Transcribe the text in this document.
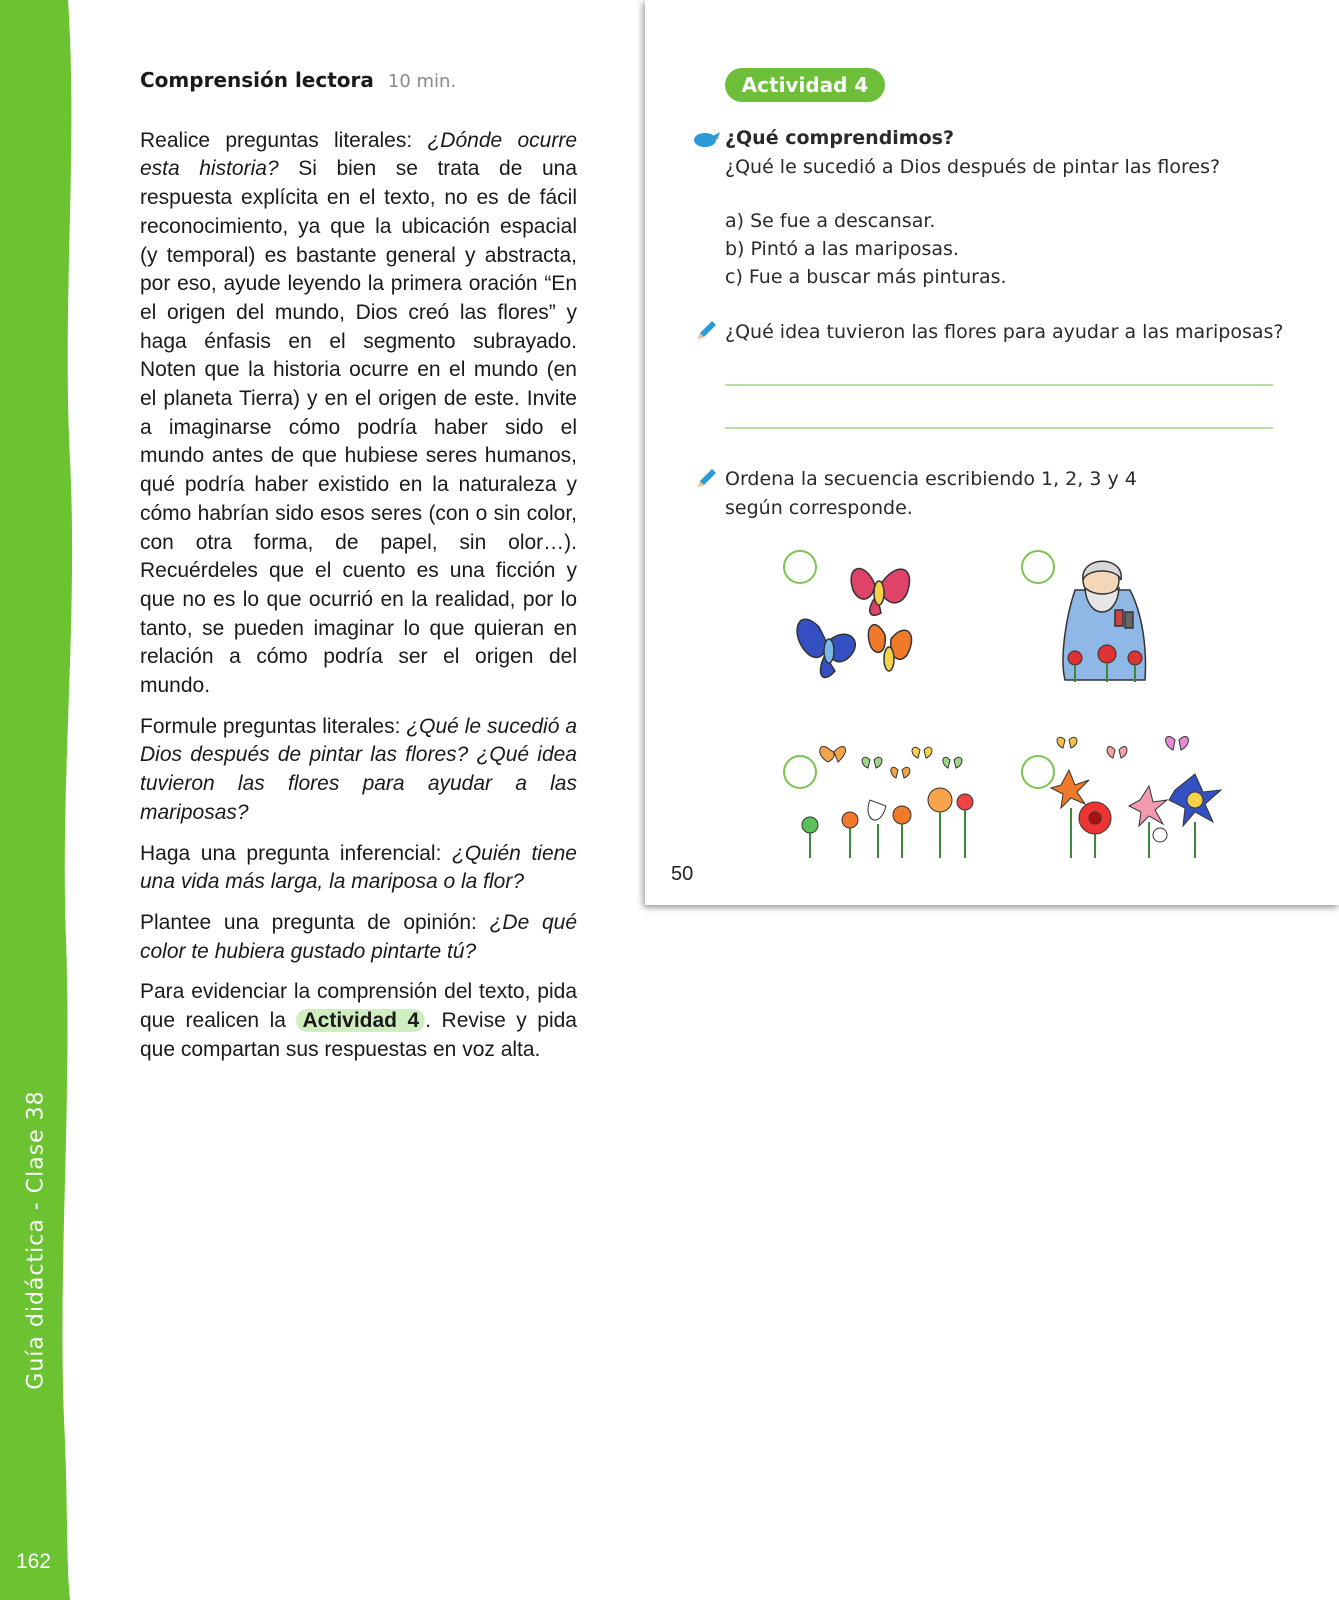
Guía didáctica - Clase 38
162
Comprensión lectora 10 min.

Realice preguntas literales: ¿Dónde ocurre esta historia? Si bien se trata de una respuesta explícita en el texto, no es de fácil reconocimiento, ya que la ubicación espacial (y temporal) es bastante general y abstracta, por eso, ayude leyendo la primera oración “En el origen del mundo, Dios creó las flores” y haga énfasis en el segmento subrayado. Noten que la historia ocurre en el mundo (en el planeta Tierra) y en el origen de este. Invite a imaginarse cómo podría haber sido el mundo antes de que hubiese seres humanos, qué podría haber existido en la naturaleza y cómo habrían sido esos seres (con o sin color, con otra forma, de papel, sin olor…). Recuérdeles que el cuento es una ficción y que no es lo que ocurrió en la realidad, por lo tanto, se pueden imaginar lo que quieran en relación a cómo podría ser el origen del mundo.

Formule preguntas literales: ¿Qué le sucedió a Dios después de pintar las flores? ¿Qué idea tuvieron las flores para ayudar a las mariposas?

Haga una pregunta inferencial: ¿Quién tiene una vida más larga, la mariposa o la flor?

Plantee una pregunta de opinión: ¿De qué color te hubiera gustado pintarte tú?

Para evidenciar la comprensión del texto, pida que realicen la Actividad 4 . Revise y pida que compartan sus respuestas en voz alta.

Actividad 4
¿Qué comprendimos?
¿Qué le sucedió a Dios después de pintar las flores?
a) Se fue a descansar.
b) Pintó a las mariposas.
c) Fue a buscar más pinturas.
¿Qué idea tuvieron las flores para ayudar a las mariposas?
Ordena la secuencia escribiendo 1, 2, 3 y 4
según corresponde.
50
